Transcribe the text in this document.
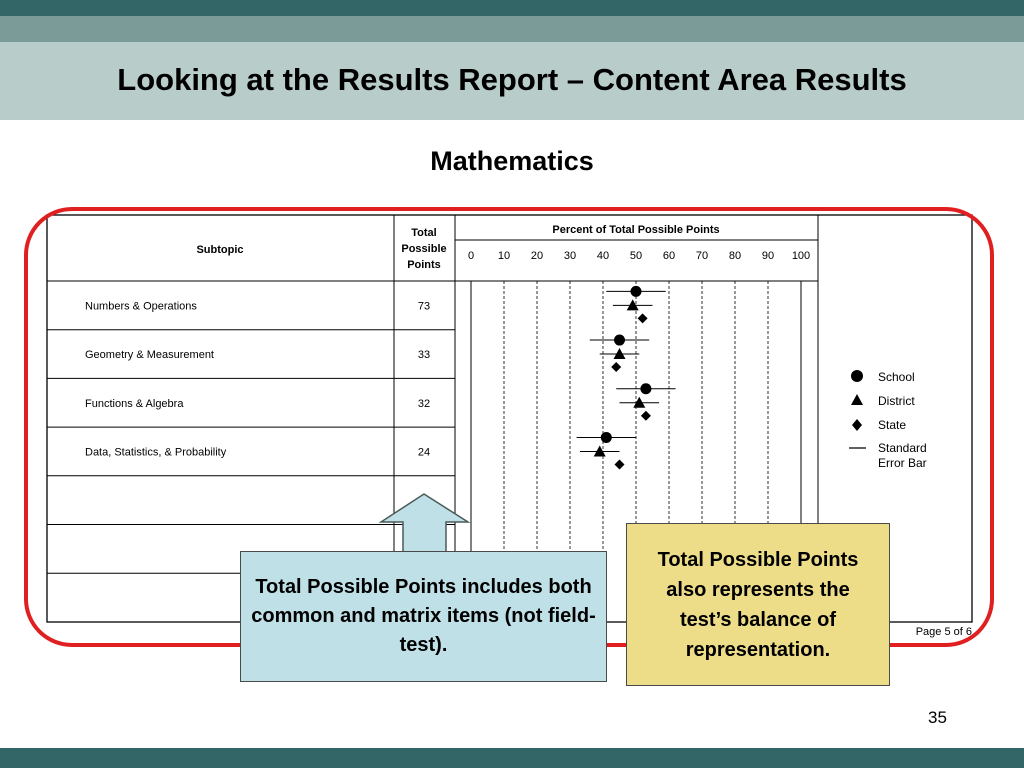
Looking at the Results Report – Content Area Results
Mathematics
Subtopic
Total
Possible
Points
Percent of Total Possible Points
0 10 20 30 40 50 60 70 80 90 100
Numbers & Operations	73
Geometry & Measurement	33
Functions & Algebra	32
Data, Statistics, & Probability	24
School
District
State
Standard
Error Bar
Page 5 of 6
Total Possible Points includes both common and matrix items (not field-test).
Total Possible Points also represents the test’s balance of representation.
35
